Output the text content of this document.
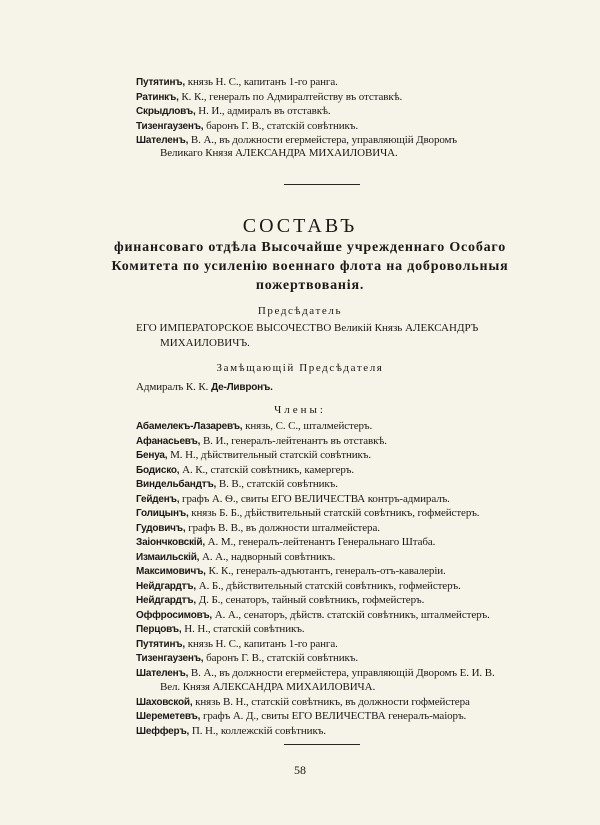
Путятинъ, князь Н. С., капитанъ 1-го ранга.
Ратинкъ, К. К., генералъ по Адмиралтейству въ отставкѣ.
Скрыдловъ, Н. И., адмиралъ въ отставкѣ.
Тизенгаузенъ, баронъ Г. В., статскій совѣтникъ.
Шателенъ, В. А., въ должности егермейстера, управляющій Дворомъ
Великаго Князя АЛЕКСАНДРА МИХАИЛОВИЧА.
СОСТАВЪ
финансоваго отдѣла Высочайше учрежденнаго Особаго Комитета по усиленію военнаго флота на добровольныя пожертвованія.
Предсѣдатель
ЕГО ИМПЕРАТОРСКОЕ ВЫСОЧЕСТВО Великій Князь АЛЕКСАНДРЪ
МИХАИЛОВИЧЪ.
Замѣщающій Предсѣдателя
Адмиралъ К. К. Де-Ливронъ.
Члены:
Абамелекъ-Лазаревъ, князь, С. С., шталмейстеръ.
Афанасьевъ, В. И., генералъ-лейтенантъ въ отставкѣ.
Бенуа, М. Н., дѣйствительный статскій совѣтникъ.
Бодиско, А. К., статскій совѣтникъ, камергеръ.
Виндельбандтъ, В. В., статскій совѣтникъ.
Гейденъ, графъ А. Ѳ., свиты ЕГО ВЕЛИЧЕСТВА контръ-адмиралъ.
Голицынъ, князь Б. Б., дѣйствительный статскій совѣтникъ, гофмейстеръ.
Гудовичъ, графъ В. В., въ должности шталмейстера.
Заіончковскій, А. М., генералъ-лейтенантъ Генеральнаго Штаба.
Измаильскій, А. А., надворный совѣтникъ.
Максимовичъ, К. К., генералъ-адъютантъ, генералъ-отъ-кавалеріи.
Нейдгардтъ, А. Б., дѣйствительный статскій совѣтникъ, гофмейстеръ.
Нейдгардтъ, Д. Б., сенаторъ, тайный совѣтникъ, гофмейстеръ.
Оффросимовъ, А. А., сенаторъ, дѣйств. статскій совѣтникъ, шталмейстеръ.
Перцовъ, Н. Н., статскій совѣтникъ.
Путятинъ, князь Н. С., капитанъ 1-го ранга.
Тизенгаузенъ, баронъ Г. В., статскій совѣтникъ.
Шателенъ, В. А., въ должности егермейстера, управляющій Дворомъ Е. И. В.
Вел. Князя АЛЕКСАНДРА МИХАИЛОВИЧА.
Шаховской, князь В. Н., статскій совѣтникъ, въ должности гофмейстера
Шереметевъ, графъ А. Д., свиты ЕГО ВЕЛИЧЕСТВА генералъ-маіоръ.
Шефферъ, П. Н., коллежскій совѣтникъ.
58
